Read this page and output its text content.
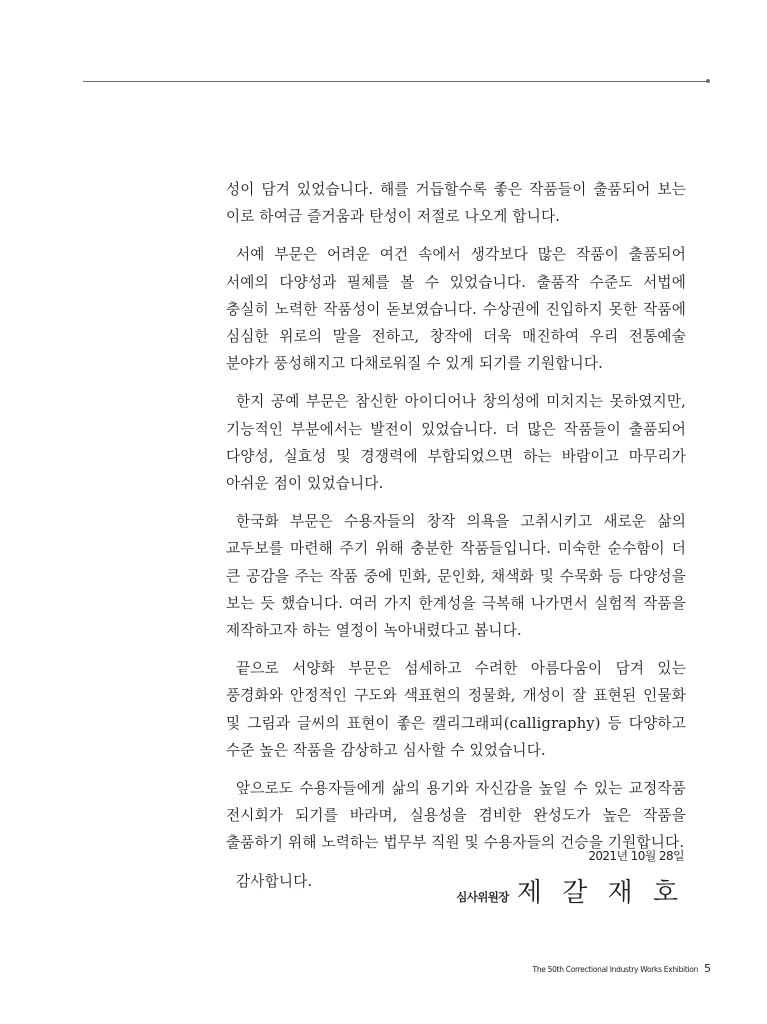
성이 담겨 있었습니다. 해를 거듭할수록 좋은 작품들이 출품되어 보는 이로 하여금 즐거움과 탄성이 저절로 나오게 합니다.

서예 부문은 어려운 여건 속에서 생각보다 많은 작품이 출품되어 서예의 다양성과 필체를 볼 수 있었습니다. 출품작 수준도 서법에 충실히 노력한 작품성이 돋보였습니다. 수상권에 진입하지 못한 작품에 심심한 위로의 말을 전하고, 창작에 더욱 매진하여 우리 전통예술 분야가 풍성해지고 다채로워질 수 있게 되기를 기원합니다.

한지 공예 부문은 참신한 아이디어나 창의성에 미치지는 못하였지만, 기능적인 부분에서는 발전이 있었습니다. 더 많은 작품들이 출품되어 다양성, 실효성 및 경쟁력에 부합되었으면 하는 바람이고 마무리가 아쉬운 점이 있었습니다.

한국화 부문은 수용자들의 창작 의욕을 고취시키고 새로운 삶의 교두보를 마련해 주기 위해 충분한 작품들입니다. 미숙한 순수함이 더 큰 공감을 주는 작품 중에 민화, 문인화, 채색화 및 수묵화 등 다양성을 보는 듯 했습니다. 여러 가지 한계성을 극복해 나가면서 실험적 작품을 제작하고자 하는 열정이 녹아내렸다고 봅니다.

끝으로 서양화 부문은 섬세하고 수려한 아름다움이 담겨 있는 풍경화와 안정적인 구도와 색표현의 정물화, 개성이 잘 표현된 인물화 및 그림과 글씨의 표현이 좋은 캘리그래피(calligraphy) 등 다양하고 수준 높은 작품을 감상하고 심사할 수 있었습니다.

앞으로도 수용자들에게 삶의 용기와 자신감을 높일 수 있는 교정작품 전시회가 되기를 바라며, 실용성을 겸비한 완성도가 높은 작품을 출품하기 위해 노력하는 법무부 직원 및 수용자들의 건승을 기원합니다.

감사합니다.

2021년 10월 28일
심사위원장 제 갈 재 호
The 50th Correctional Industry Works Exhibition 5
